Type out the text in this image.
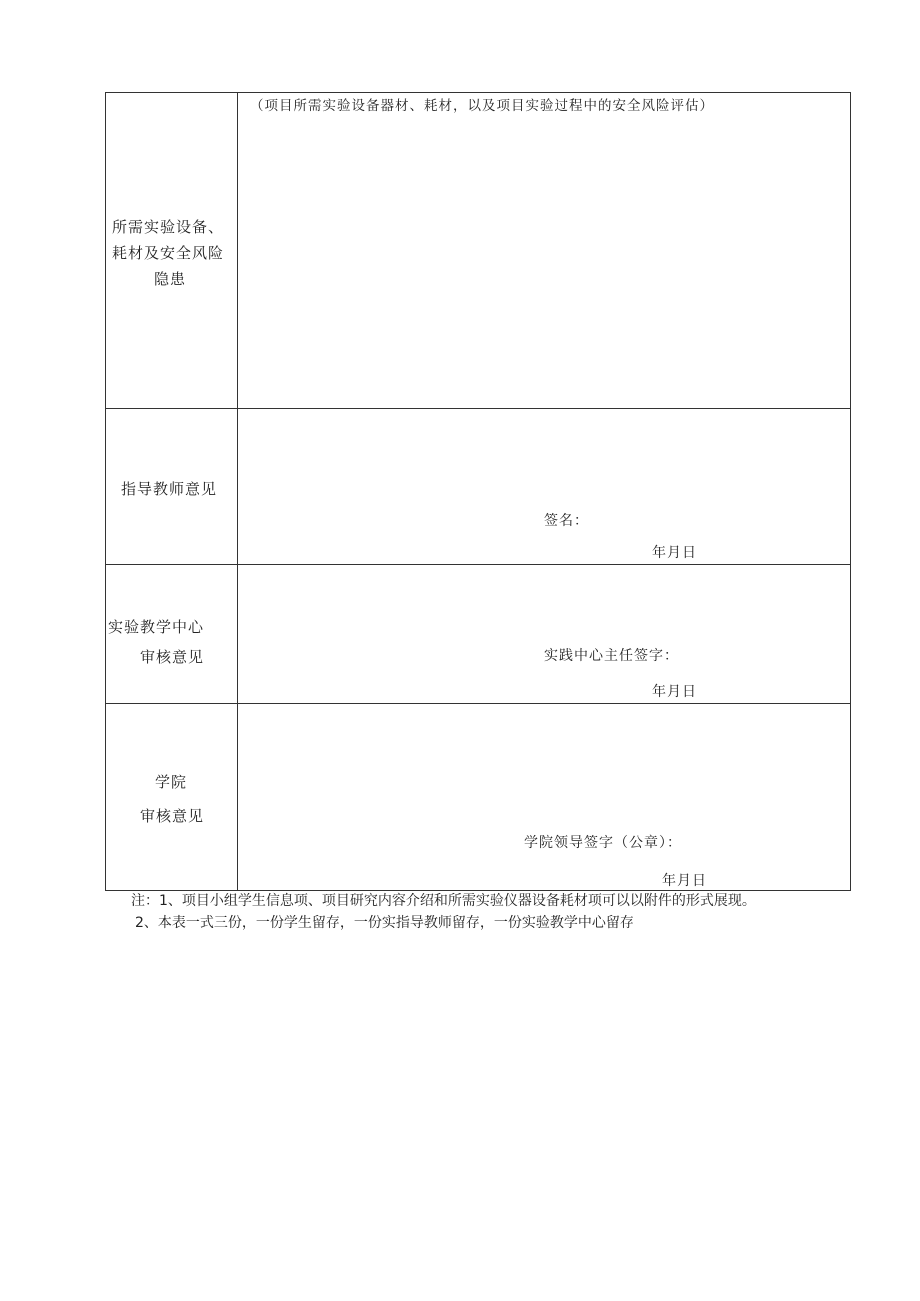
所需实验设备、
耗材及安全风险
隐患
（项目所需实验设备器材、耗材，以及项目实验过程中的安全风险评估）
指导教师意见
签名：
年月日
实验教学中心
审核意见	实践中心主任签字：
年月日
学院
审核意见
学院领导签字（公章）：
年月日
注：1、项目小组学生信息项、项目研究内容介绍和所需实验仪器设备耗材项可以以附件的形式展现。
2、本表一式三份，一份学生留存，一份实指导教师留存，一份实验教学中心留存
